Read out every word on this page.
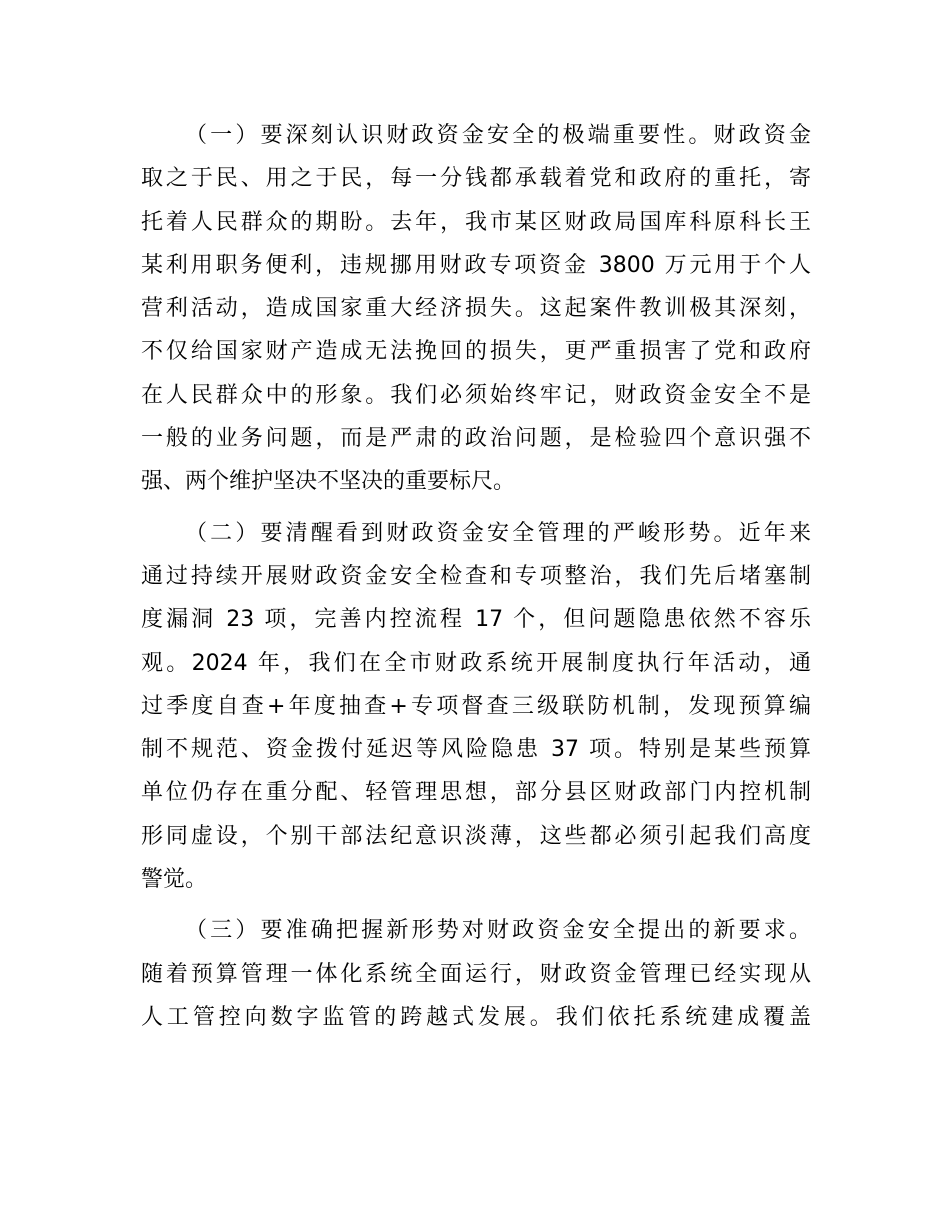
（一）要深刻认识财政资金安全的极端重要性。财政资金
取之于民、用之于民，每一分钱都承载着党和政府的重托，寄
托着人民群众的期盼。去年，我市某区财政局国库科原科长王
某利用职务便利，违规挪用财政专项资金 3800 万元用于个人
营利活动，造成国家重大经济损失。这起案件教训极其深刻，
不仅给国家财产造成无法挽回的损失，更严重损害了党和政府
在人民群众中的形象。我们必须始终牢记，财政资金安全不是
一般的业务问题，而是严肃的政治问题，是检验四个意识强不
强、两个维护坚决不坚决的重要标尺。
（二）要清醒看到财政资金安全管理的严峻形势。近年来
通过持续开展财政资金安全检查和专项整治，我们先后堵塞制
度漏洞 23 项，完善内控流程 17 个，但问题隐患依然不容乐
观。2024 年，我们在全市财政系统开展制度执行年活动，通
过季度自查+年度抽查+专项督查三级联防机制，发现预算编
制不规范、资金拨付延迟等风险隐患 37 项。特别是某些预算
单位仍存在重分配、轻管理思想，部分县区财政部门内控机制
形同虚设，个别干部法纪意识淡薄，这些都必须引起我们高度
警觉。
（三）要准确把握新形势对财政资金安全提出的新要求。
随着预算管理一体化系统全面运行，财政资金管理已经实现从
人工管控向数字监管的跨越式发展。我们依托系统建成覆盖
